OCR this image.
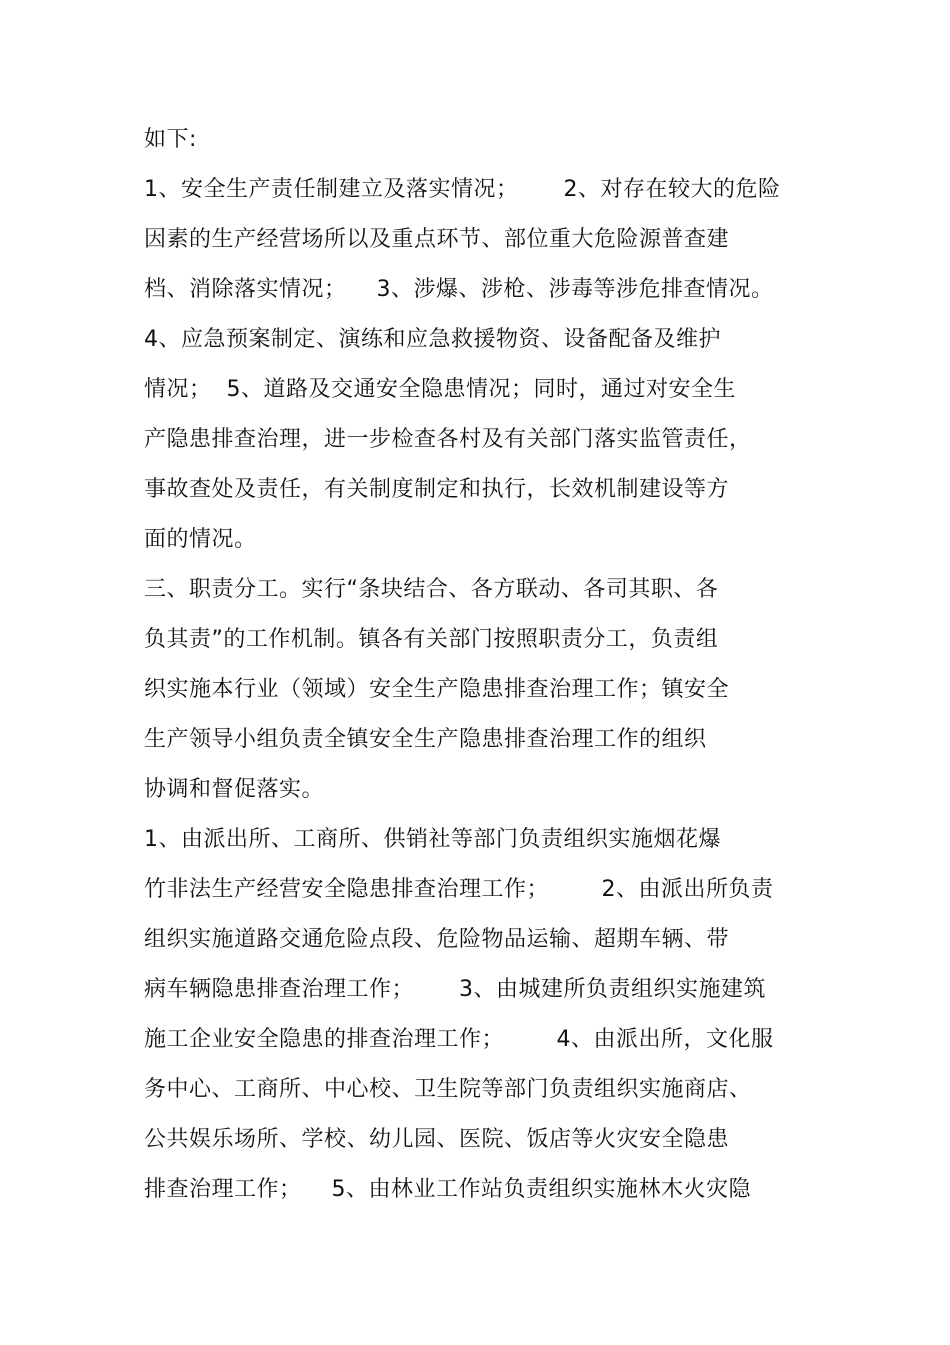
如下:
1、安全生产责任制建立及落实情况；      2、对存在较大的危险
因素的生产经营场所以及重点环节、部位重大危险源普查建
档、消除落实情况；    3、涉爆、涉枪、涉毒等涉危排查情况。
4、应急预案制定、演练和应急救援物资、设备配备及维护
情况；  5、道路及交通安全隐患情况；同时，通过对安全生
产隐患排查治理，进一步检查各村及有关部门落实监管责任，
事故查处及责任，有关制度制定和执行，长效机制建设等方
面的情况。
三、职责分工。实行“条块结合、各方联动、各司其职、各
负其责”的工作机制。镇各有关部门按照职责分工，负责组
织实施本行业（领域）安全生产隐患排查治理工作；镇安全
生产领导小组负责全镇安全生产隐患排查治理工作的组织
协调和督促落实。
1、由派出所、工商所、供销社等部门负责组织实施烟花爆
竹非法生产经营安全隐患排查治理工作；       2、由派出所负责
组织实施道路交通危险点段、危险物品运输、超期车辆、带
病车辆隐患排查治理工作；      3、由城建所负责组织实施建筑
施工企业安全隐患的排查治理工作；       4、由派出所，文化服
务中心、工商所、中心校、卫生院等部门负责组织实施商店、
公共娱乐场所、学校、幼儿园、医院、饭店等火灾安全隐患
排查治理工作；    5、由林业工作站负责组织实施林木火灾隐
